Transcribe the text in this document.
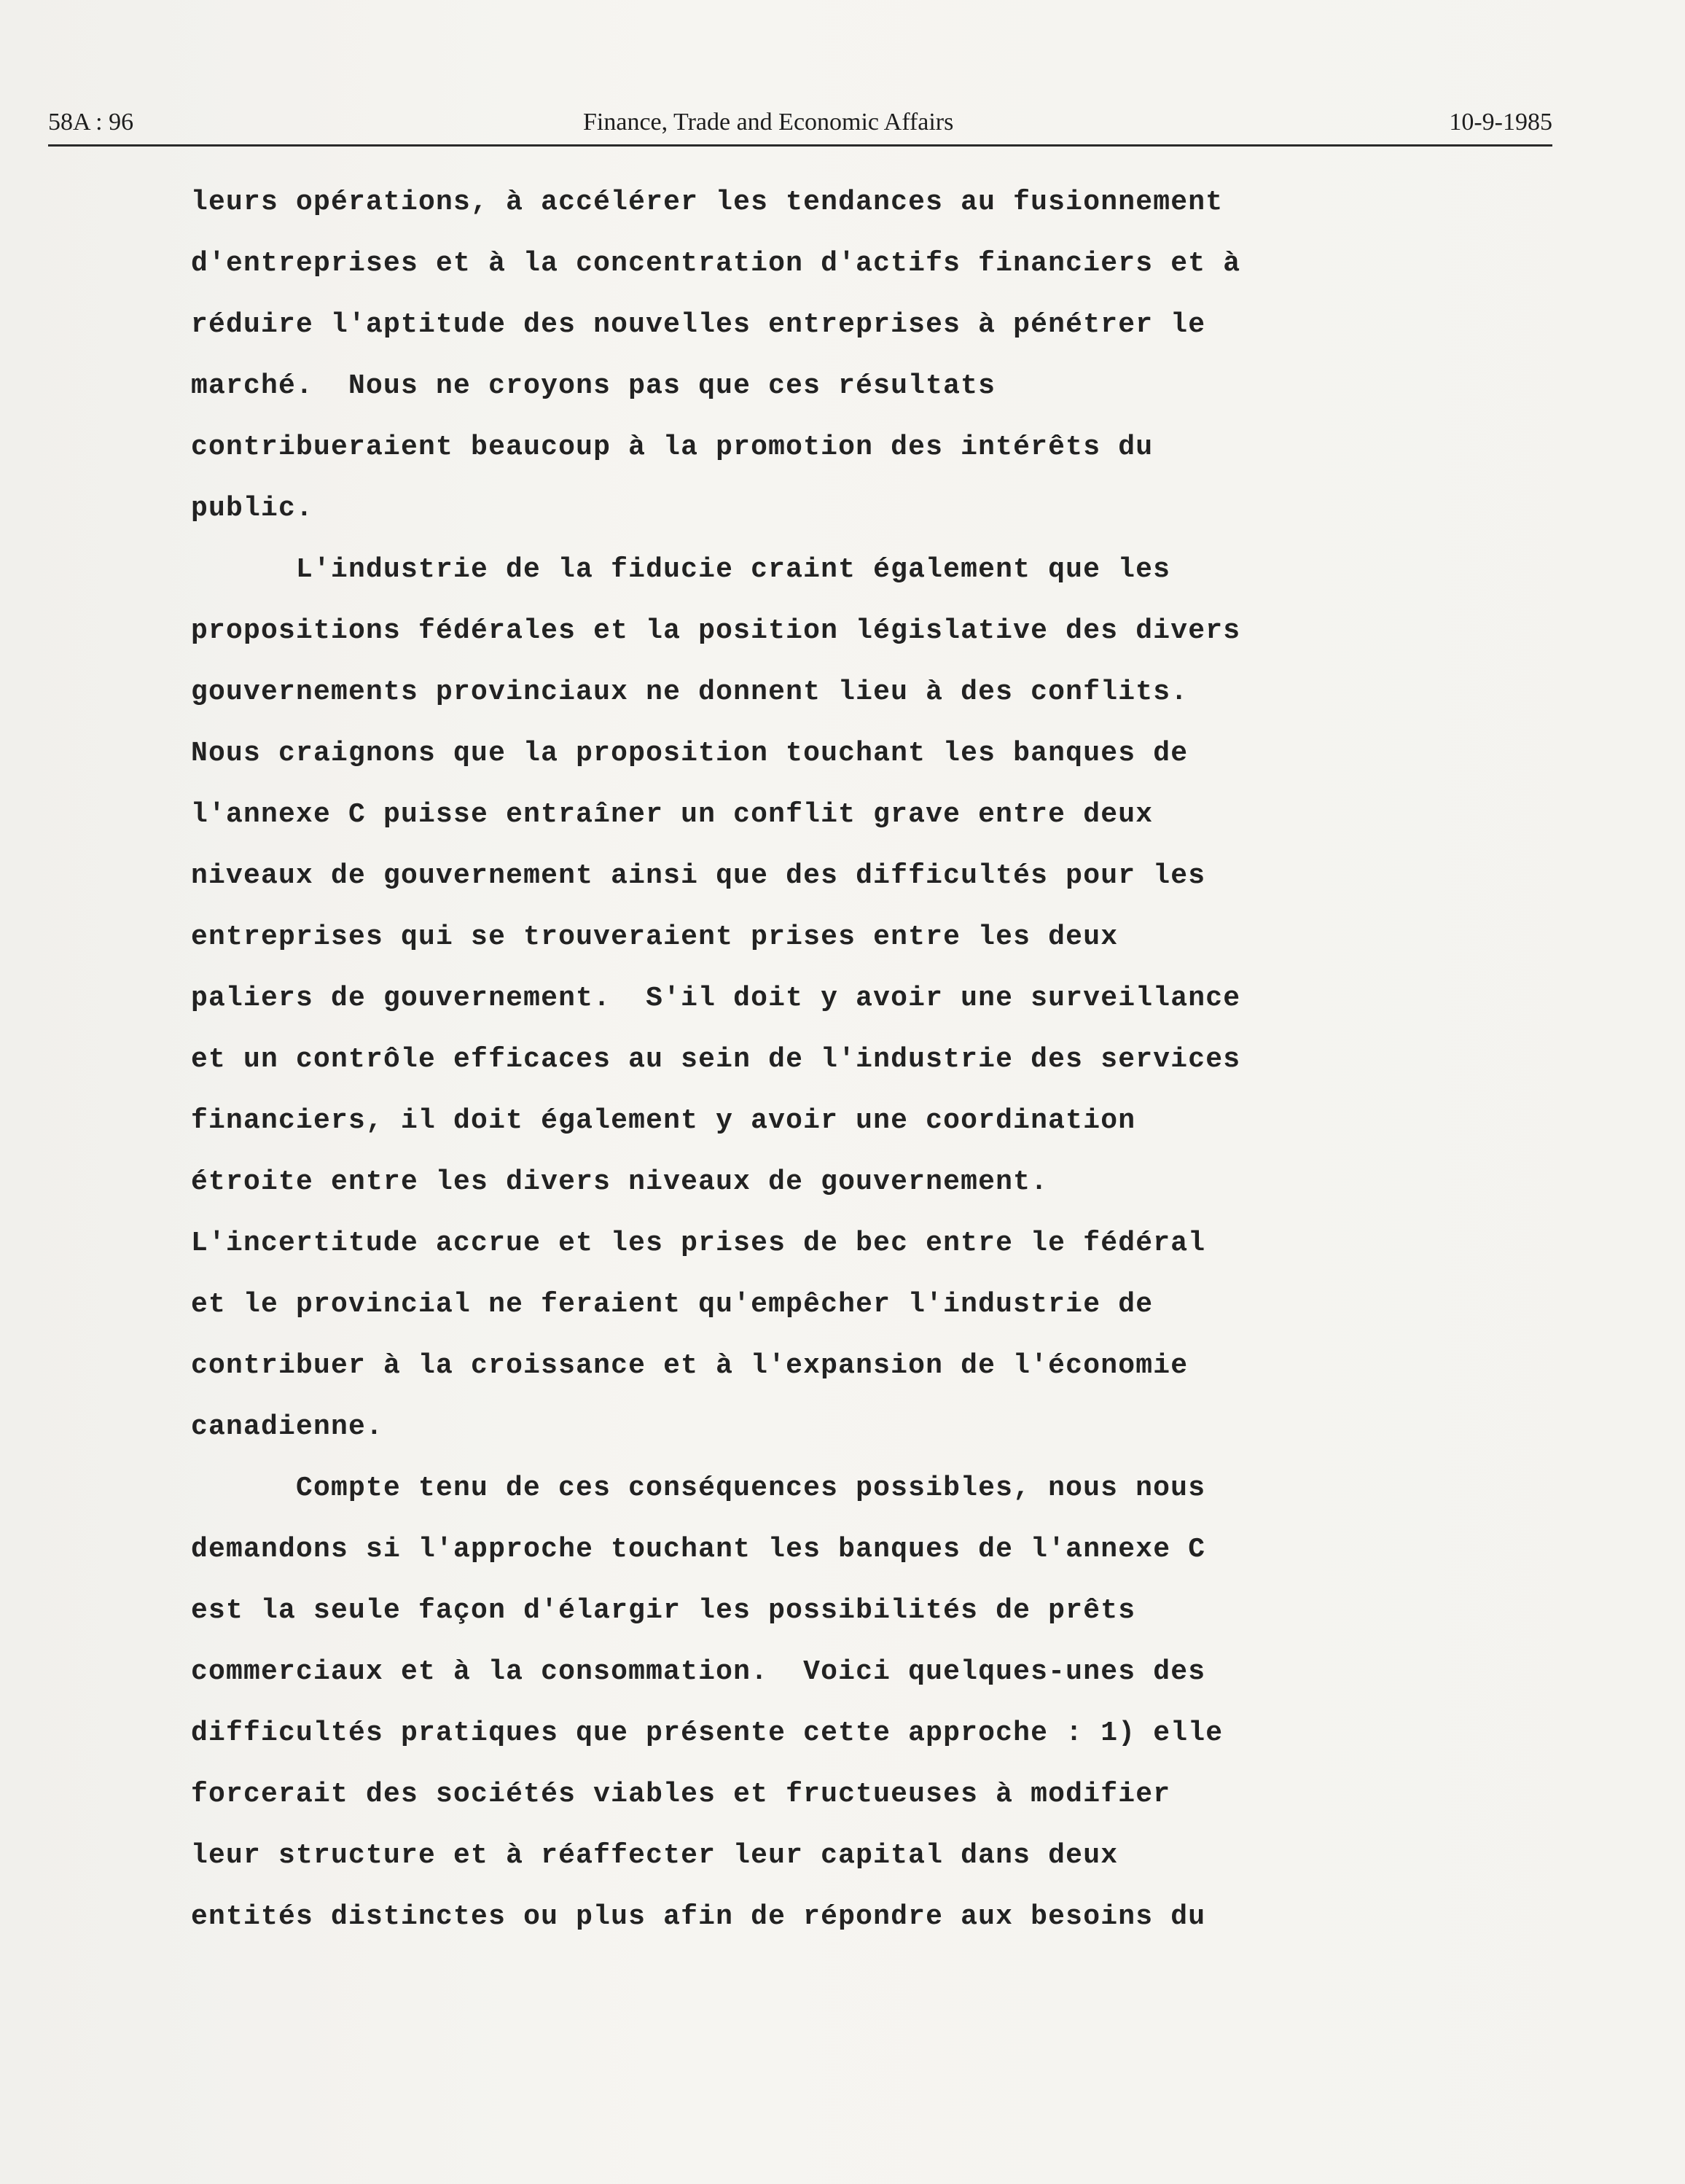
58A : 96	Finance, Trade and Economic Affairs	10-9-1985
leurs opérations, à accélérer les tendances au fusionnement
d'entreprises et à la concentration d'actifs financiers et à
réduire l'aptitude des nouvelles entreprises à pénétrer le
marché.  Nous ne croyons pas que ces résultats
contribueraient beaucoup à la promotion des intérêts du
public.
L'industrie de la fiducie craint également que les
propositions fédérales et la position législative des divers
gouvernements provinciaux ne donnent lieu à des conflits.
Nous craignons que la proposition touchant les banques de
l'annexe C puisse entraîner un conflit grave entre deux
niveaux de gouvernement ainsi que des difficultés pour les
entreprises qui se trouveraient prises entre les deux
paliers de gouvernement.  S'il doit y avoir une surveillance
et un contrôle efficaces au sein de l'industrie des services
financiers, il doit également y avoir une coordination
étroite entre les divers niveaux de gouvernement.
L'incertitude accrue et les prises de bec entre le fédéral
et le provincial ne feraient qu'empêcher l'industrie de
contribuer à la croissance et à l'expansion de l'économie
canadienne.
Compte tenu de ces conséquences possibles, nous nous
demandons si l'approche touchant les banques de l'annexe C
est la seule façon d'élargir les possibilités de prêts
commerciaux et à la consommation.  Voici quelques-unes des
difficultés pratiques que présente cette approche : 1) elle
forcerait des sociétés viables et fructueuses à modifier
leur structure et à réaffecter leur capital dans deux
entités distinctes ou plus afin de répondre aux besoins du
